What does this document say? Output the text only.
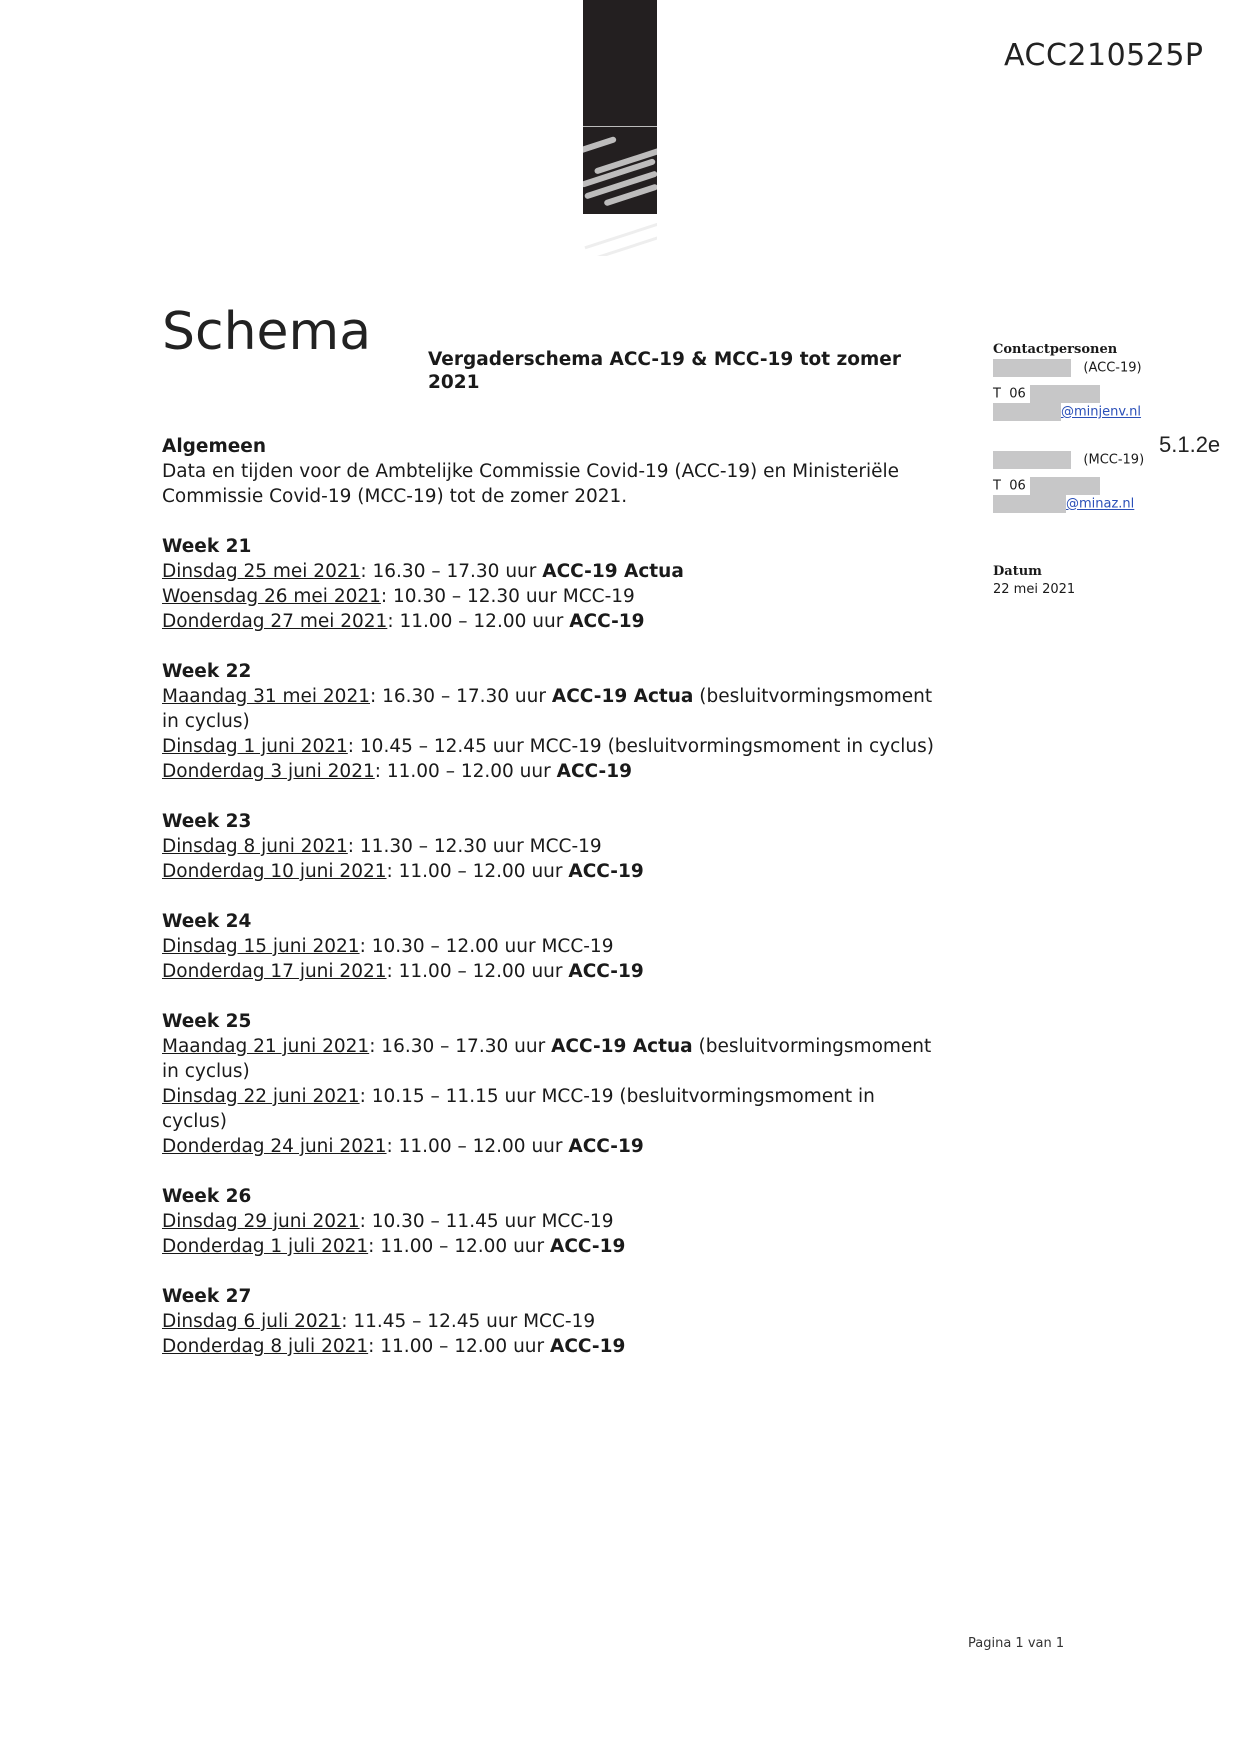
ACC210525P
Schema	Vergaderschema ACC-19 & MCC-19 tot zomer 2021
Algemeen
Data en tijden voor de Ambtelijke Commissie Covid-19 (ACC-19) en Ministeriële Commissie Covid-19 (MCC-19) tot de zomer 2021.
Week 21
Dinsdag 25 mei 2021: 16.30 – 17.30 uur ACC-19 Actua
Woensdag 26 mei 2021: 10.30 – 12.30 uur MCC-19
Donderdag 27 mei 2021: 11.00 – 12.00 uur ACC-19
Week 22
Maandag 31 mei 2021: 16.30 – 17.30 uur ACC-19 Actua (besluitvormingsmoment in cyclus)
Dinsdag 1 juni 2021: 10.45 – 12.45 uur MCC-19 (besluitvormingsmoment in cyclus)
Donderdag 3 juni 2021: 11.00 – 12.00 uur ACC-19
Week 23
Dinsdag 8 juni 2021: 11.30 – 12.30 uur MCC-19
Donderdag 10 juni 2021: 11.00 – 12.00 uur ACC-19
Week 24
Dinsdag 15 juni 2021: 10.30 – 12.00 uur MCC-19
Donderdag 17 juni 2021: 11.00 – 12.00 uur ACC-19
Week 25
Maandag 21 juni 2021: 16.30 – 17.30 uur ACC-19 Actua (besluitvormingsmoment in cyclus)
Dinsdag 22 juni 2021: 10.15 – 11.15 uur MCC-19 (besluitvormingsmoment in cyclus)
Donderdag 24 juni 2021: 11.00 – 12.00 uur ACC-19
Week 26
Dinsdag 29 juni 2021: 10.30 – 11.45 uur MCC-19
Donderdag 1 juli 2021: 11.00 – 12.00 uur ACC-19
Week 27
Dinsdag 6 juli 2021: 11.45 – 12.45 uur MCC-19
Donderdag 8 juli 2021: 11.00 – 12.00 uur ACC-19
Contactpersonen
(ACC-19)
T  06
@minjenv.nl
(MCC-19)
T  06
@minaz.nl
Datum
22 mei 2021
5.1.2e
Pagina 1 van 1
